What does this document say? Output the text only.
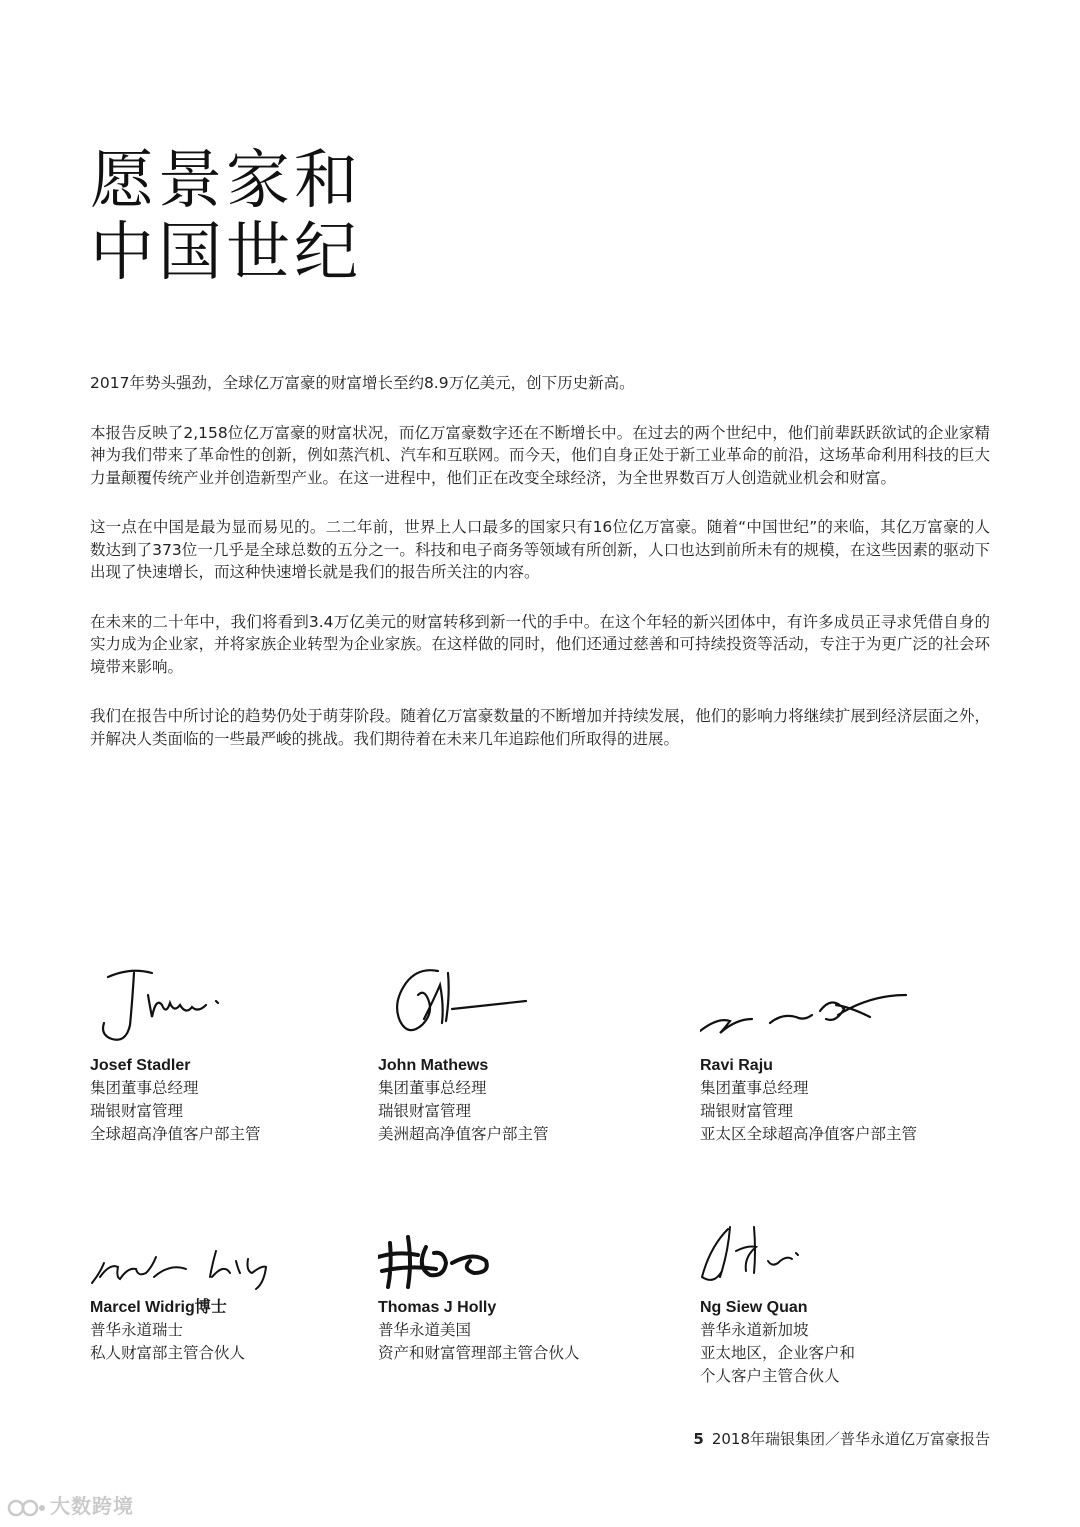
愿景家和
中国世纪

2017年势头强劲，全球亿万富豪的财富增长至约8.9万亿美元，创下历史新高。

本报告反映了2,158位亿万富豪的财富状况，而亿万富豪数字还在不断增长中。在过去的两个世纪中，他们前辈跃跃欲试的企业家精神为我们带来了革命性的创新，例如蒸汽机、汽车和互联网。而今天，他们自身正处于新工业革命的前沿，这场革命利用科技的巨大力量颠覆传统产业并创造新型产业。在这一进程中，他们正在改变全球经济，为全世界数百万人创造就业机会和财富。

这一点在中国是最为显而易见的。二二年前，世界上人口最多的国家只有16位亿万富豪。随着“中国世纪”的来临，其亿万富豪的人数达到了373位一几乎是全球总数的五分之一。科技和电子商务等领域有所创新，人口也达到前所未有的规模，在这些因素的驱动下出现了快速增长，而这种快速增长就是我们的报告所关注的内容。

在未来的二十年中，我们将看到3.4万亿美元的财富转移到新一代的手中。在这个年轻的新兴团体中，有许多成员正寻求凭借自身的实力成为企业家，并将家族企业转型为企业家族。在这样做的同时，他们还通过慈善和可持续投资等活动，专注于为更广泛的社会环境带来影响。

我们在报告中所讨论的趋势仍处于萌芽阶段。随着亿万富豪数量的不断增加并持续发展，他们的影响力将继续扩展到经济层面之外，并解决人类面临的一些最严峻的挑战。我们期待着在未来几年追踪他们所取得的进展。

Josef Stadler
集团董事总经理
瑞银财富管理
全球超高净值客户部主管
John Mathews
集团董事总经理
瑞银财富管理
美洲超高净值客户部主管
Ravi Raju
集团董事总经理
瑞银财富管理
亚太区全球超高净值客户部主管
Marcel Widrig博士
普华永道瑞士
私人财富部主管合伙人
Thomas J Holly
普华永道美国
资产和财富管理部主管合伙人
Ng Siew Quan
普华永道新加坡
亚太地区，企业客户和
个人客户主管合伙人
5 2018年瑞银集团／普华永道亿万富豪报告
大数跨境
